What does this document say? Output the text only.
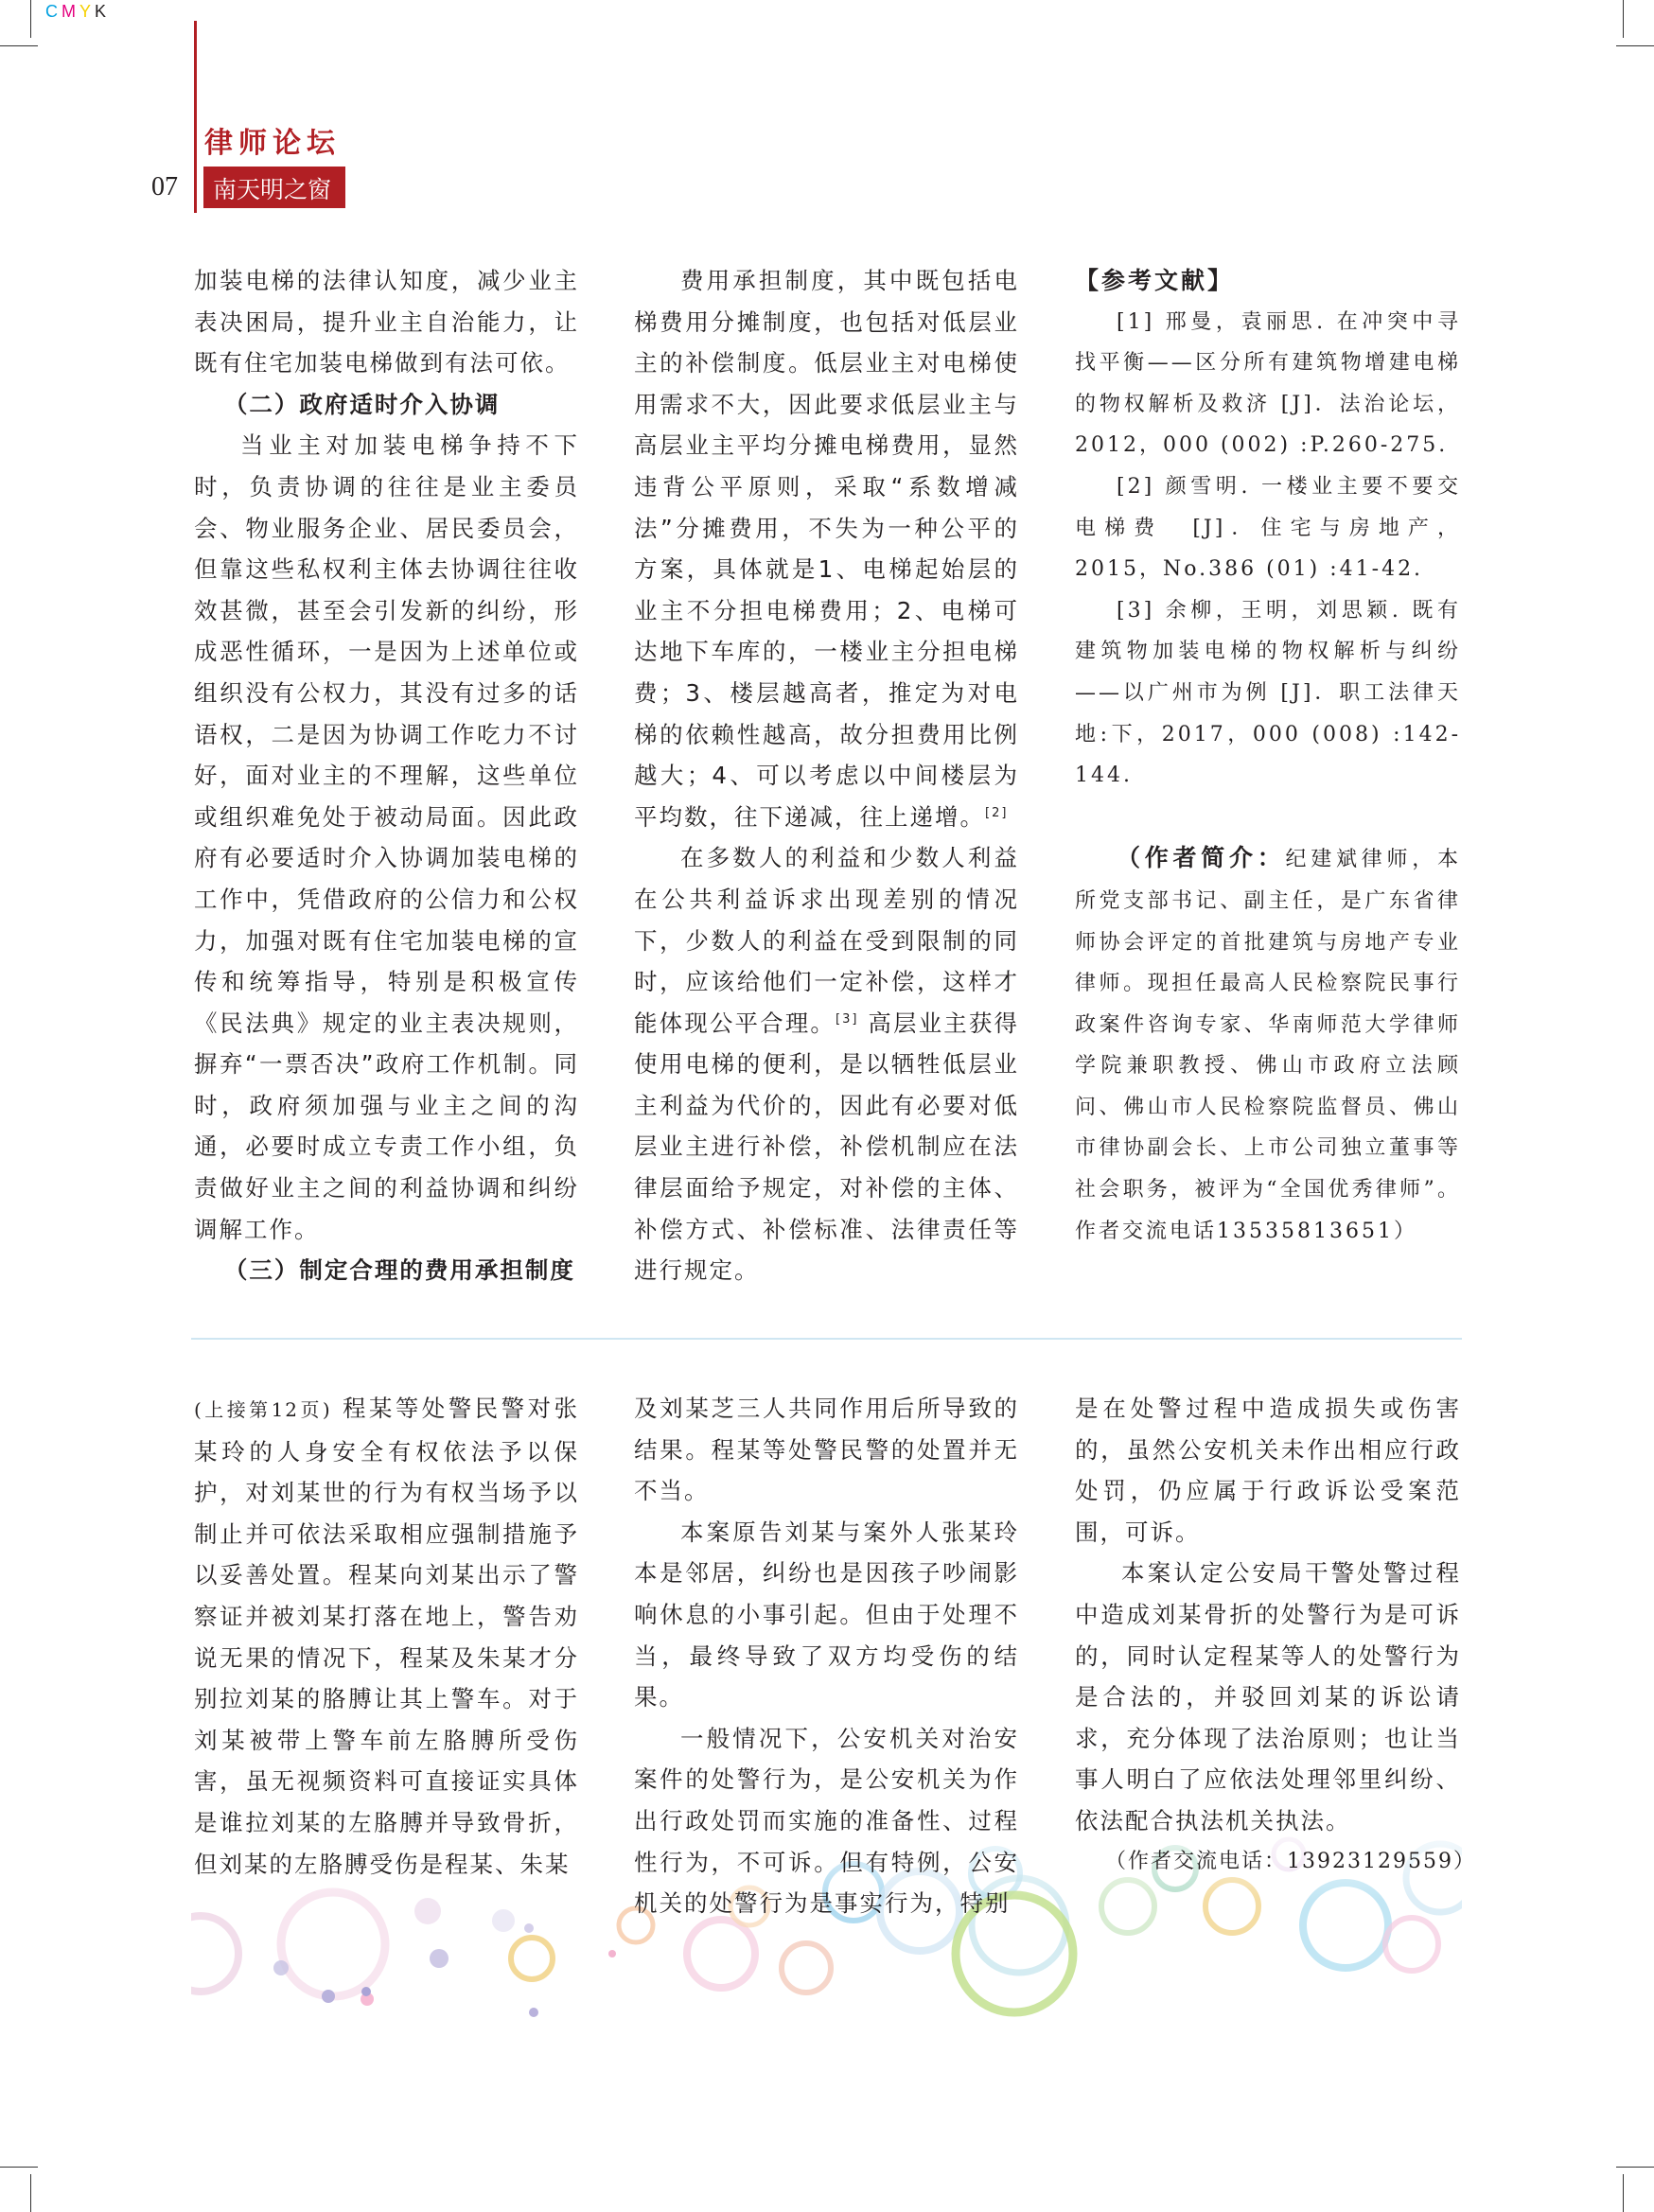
CMYK
律师论坛
07 南天明之窗

加装电梯的法律认知度，减少业主表决困局，提升业主自治能力，让既有住宅加装电梯做到有法可依。

（二）政府适时介入协调

当业主对加装电梯争持不下时，负责协调的往往是业主委员会、物业服务企业、居民委员会，但靠这些私权利主体去协调往往收效甚微，甚至会引发新的纠纷，形成恶性循环，一是因为上述单位或组织没有公权力，其没有过多的话语权，二是因为协调工作吃力不讨好，面对业主的不理解，这些单位或组织难免处于被动局面。因此政府有必要适时介入协调加装电梯的工作中，凭借政府的公信力和公权力，加强对既有住宅加装电梯的宣传和统筹指导，特别是积极宣传《民法典》规定的业主表决规则，摒弃“一票否决”政府工作机制。同时，政府须加强与业主之间的沟通，必要时成立专责工作小组，负责做好业主之间的利益协调和纠纷调解工作。

（三）制定合理的费用承担制度

费用承担制度，其中既包括电梯费用分摊制度，也包括对低层业主的补偿制度。低层业主对电梯使用需求不大，因此要求低层业主与高层业主平均分摊电梯费用，显然违背公平原则，采取“系数增减法”分摊费用，不失为一种公平的方案，具体就是1、电梯起始层的业主不分担电梯费用；2、电梯可达地下车库的，一楼业主分担电梯费；3、楼层越高者，推定为对电梯的依赖性越高，故分担费用比例越大；4、可以考虑以中间楼层为平均数，往下递减，往上递增。[2]

在多数人的利益和少数人利益在公共利益诉求出现差别的情况下，少数人的利益在受到限制的同时，应该给他们一定补偿，这样才能体现公平合理。[3] 高层业主获得使用电梯的便利，是以牺牲低层业主利益为代价的，因此有必要对低层业主进行补偿，补偿机制应在法律层面给予规定，对补偿的主体、补偿方式、补偿标准、法律责任等进行规定。

【参考文献】

[1] 邢曼，袁丽思. 在冲突中寻找平衡——区分所有建筑物增建电梯的物权解析及救济 [J]．法治论坛，2012，000 (002) :P.260-275.

[2] 颜雪明. 一楼业主要不要交电梯费　[J]．住宅与房地产，2015，No.386 (01) :41-42.

[3] 余柳，王明，刘思颖. 既有建筑物加装电梯的物权解析与纠纷——以广州市为例 [J]．职工法律天地:下，2017，000 (008) :142-144.

（作者简介：纪建斌律师，本所党支部书记、副主任，是广东省律师协会评定的首批建筑与房地产专业律师。现担任最高人民检察院民事行政案件咨询专家、华南师范大学律师学院兼职教授、佛山市政府立法顾问、佛山市人民检察院监督员、佛山市律协副会长、上市公司独立董事等社会职务，被评为“全国优秀律师”。作者交流电话13535813651）

(上接第12页) 程某等处警民警对张某玲的人身安全有权依法予以保护，对刘某世的行为有权当场予以制止并可依法采取相应强制措施予以妥善处置。程某向刘某出示了警察证并被刘某打落在地上，警告劝说无果的情况下，程某及朱某才分别拉刘某的胳膊让其上警车。对于刘某被带上警车前左胳膊所受伤害，虽无视频资料可直接证实具体是谁拉刘某的左胳膊并导致骨折，但刘某的左胳膊受伤是程某、朱某

及刘某芝三人共同作用后所导致的结果。程某等处警民警的处置并无不当。

本案原告刘某与案外人张某玲本是邻居，纠纷也是因孩子吵闹影响休息的小事引起。但由于处理不当，最终导致了双方均受伤的结果。

一般情况下，公安机关对治安案件的处警行为，是公安机关为作出行政处罚而实施的准备性、过程性行为，不可诉。但有特例，公安机关的处警行为是事实行为，特别

是在处警过程中造成损失或伤害的，虽然公安机关未作出相应行政处罚，仍应属于行政诉讼受案范围，可诉。

本案认定公安局干警处警过程中造成刘某骨折的处警行为是可诉的，同时认定程某等人的处警行为是合法的，并驳回刘某的诉讼请求，充分体现了法治原则；也让当事人明白了应依法处理邻里纠纷、依法配合执法机关执法。

（作者交流电话：13923129559）
